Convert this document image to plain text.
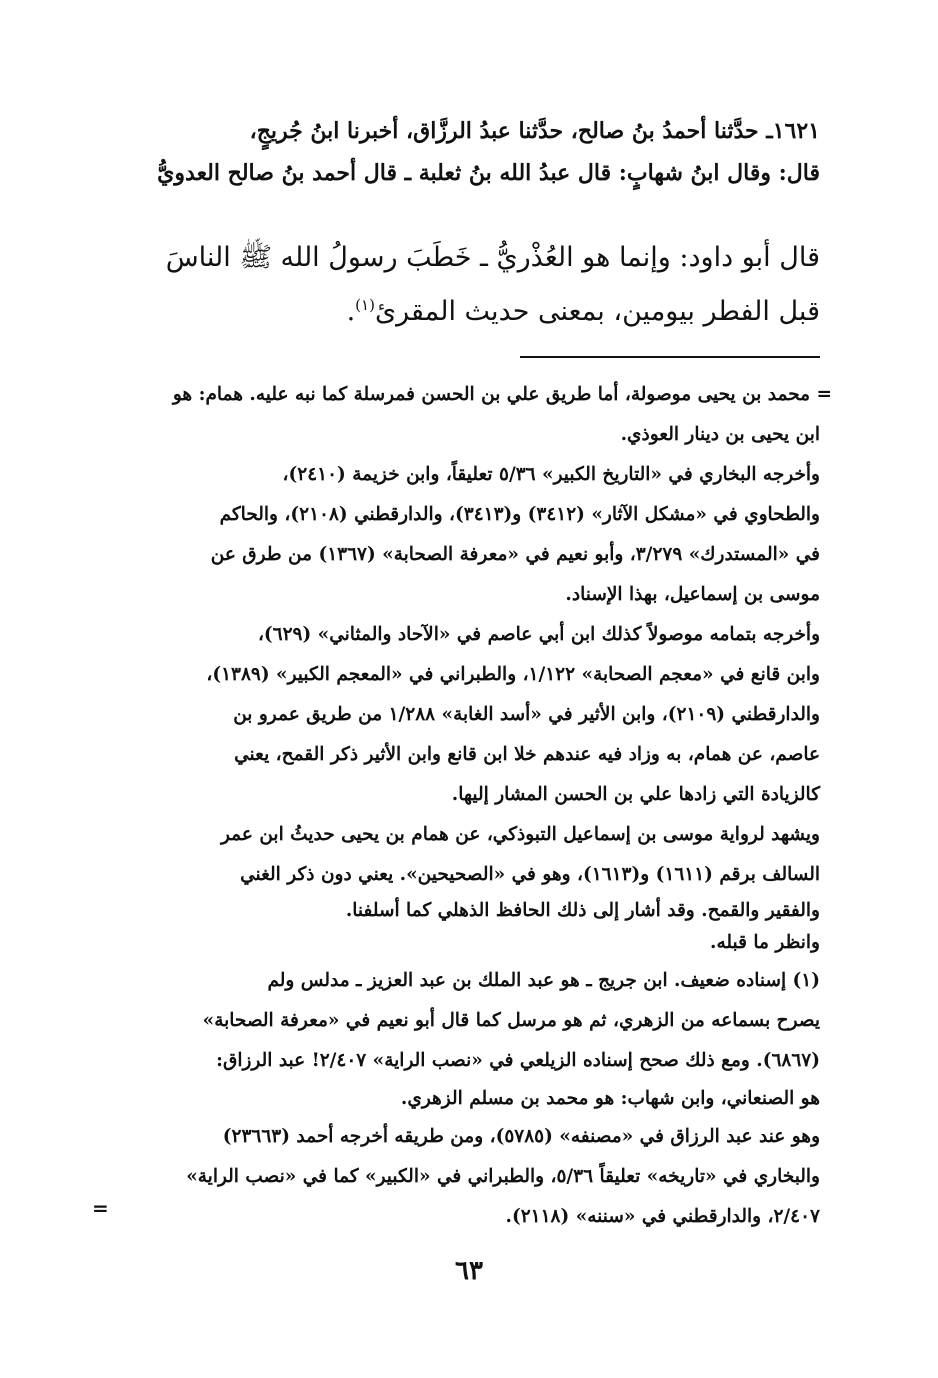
١٦٢١ـ حدَّثنا أحمدُ بنُ صالح، حدَّثنا عبدُ الرزَّاق، أخبرنا ابنُ جُريجٍ،
قال: وقال ابنُ شهابٍ: قال عبدُ الله بنُ ثعلبة ـ قال أحمد بنُ صالح العدويُّ
قال أبو داود: وإنما هو العُذْريُّ ـ خَطَبَ رسولُ الله ﷺ الناسَ
قبل الفطر بيومين، بمعنى حديث المقرئ$^{(١)}$.
= محمد بن يحيى موصولة، أما طريق علي بن الحسن فمرسلة كما نبه عليه. همام: هو
ابن يحيى بن دينار العوذي.
وأخرجه البخاري في «التاريخ الكبير» ٥/٣٦ تعليقاً، وابن خزيمة (٢٤١٠)،
والطحاوي في «مشكل الآثار» (٣٤١٢) و(٣٤١٣)، والدارقطني (٢١٠٨)، والحاكم
في «المستدرك» ٣/٢٧٩، وأبو نعيم في «معرفة الصحابة» (١٣٦٧) من طرق عن
موسى بن إسماعيل، بهذا الإسناد.
وأخرجه بتمامه موصولاً كذلك ابن أبي عاصم في «الآحاد والمثاني» (٦٢٩)،
وابن قانع في «معجم الصحابة» ١/١٢٢، والطبراني في «المعجم الكبير» (١٣٨٩)،
والدارقطني (٢١٠٩)، وابن الأثير في «أسد الغابة» ١/٢٨٨ من طريق عمرو بن
عاصم، عن همام، به وزاد فيه عندهم خلا ابن قانع وابن الأثير ذكر القمح، يعني
كالزيادة التي زادها علي بن الحسن المشار إليها.
ويشهد لرواية موسى بن إسماعيل التبوذكي، عن همام بن يحيى حديثُ ابن عمر
السالف برقم (١٦١١) و(١٦١٣)، وهو في «الصحيحين». يعني دون ذكر الغني
والفقير والقمح. وقد أشار إلى ذلك الحافظ الذهلي كما أسلفنا.
وانظر ما قبله.
(١) إسناده ضعيف. ابن جريج ـ هو عبد الملك بن عبد العزيز ـ مدلس ولم
يصرح بسماعه من الزهري، ثم هو مرسل كما قال أبو نعيم في «معرفة الصحابة»
(٦٨٦٧). ومع ذلك صحح إسناده الزيلعي في «نصب الراية» ٢/٤٠٧! عبد الرزاق:
هو الصنعاني، وابن شهاب: هو محمد بن مسلم الزهري.
وهو عند عبد الرزاق في «مصنفه» (٥٧٨٥)، ومن طريقه أخرجه أحمد (٢٣٦٦٣)
والبخاري في «تاريخه» تعليقاً ٥/٣٦، والطبراني في «الكبير» كما في «نصب الراية»
٢/٤٠٧، والدارقطني في «سننه» (٢١١٨).
=
٦٣
